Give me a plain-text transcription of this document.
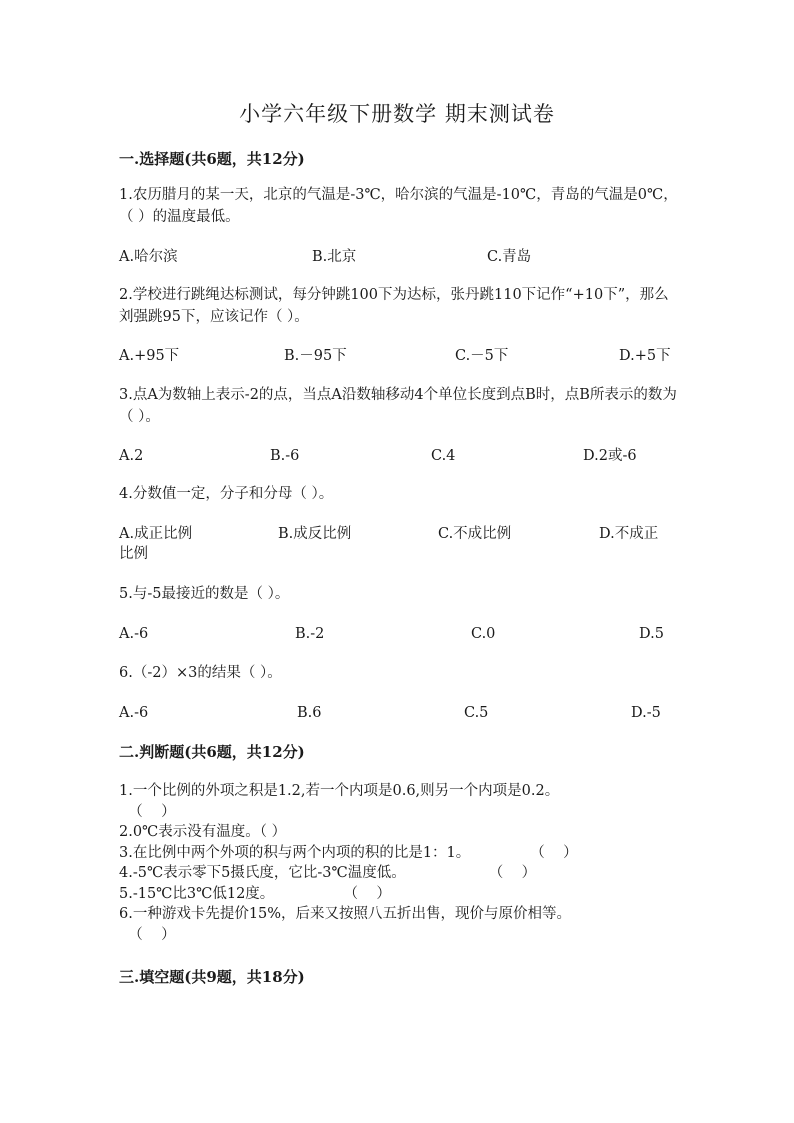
小学六年级下册数学 期末测试卷
一.选择题(共6题，共12分)
1.农历腊月的某一天，北京的气温是-3℃，哈尔滨的气温是-10℃，青岛的气温是0℃，（ ）的温度最低。
A.哈尔滨	B.北京	C.青岛
2.学校进行跳绳达标测试，每分钟跳100下为达标，张丹跳110下记作“+10下”，那么刘强跳95下，应该记作（ ）。
A.+95下	B.－95下	C.－5下	D.+5下
3.点A为数轴上表示-2的点，当点A沿数轴移动4个单位长度到点B时，点B所表示的数为（ ）。
A.2	B.-6	C.4	D.2或-6
4.分数值一定，分子和分母（ ）。
A.成正比例	B.成反比例	C.不成比例	D.不成正
比例
5.与-5最接近的数是（ ）。
A.-6	B.-2	C.0	D.5
6.（-2）×3的结果（ ）。
A.-6	B.6	C.5	D.-5
二.判断题(共6题，共12分)
1.一个比例的外项之积是1.2,若一个内项是0.6,则另一个内项是0.2。
（    ）
2.0℃表示没有温度。（ ）
3.在比例中两个外项的积与两个内项的积的比是1：1。             （    ）
4.-5℃表示零下5摄氏度，它比-3℃温度低。                  （    ）
5.-15℃比3℃低12度。               （    ）
6.一种游戏卡先提价15%，后来又按照八五折出售，现价与原价相等。
（    ）
三.填空题(共9题，共18分)
